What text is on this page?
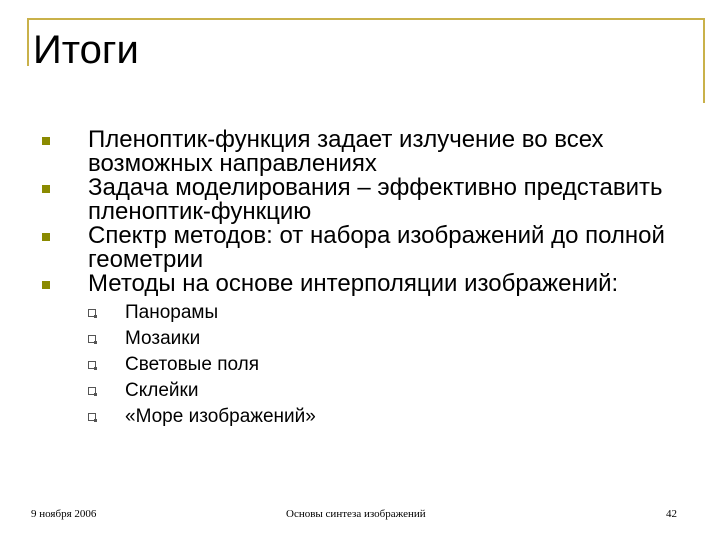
Итоги
Пленоптик-функция задает излучение во всех возможных направлениях
Задача моделирования – эффективно представить пленоптик-функцию
Спектр методов: от набора изображений до полной геометрии
Методы на основе интерполяции изображений:
Панорамы
Мозаики
Световые поля
Склейки
«Море изображений»
9 ноября 2006	Основы синтеза изображений	42
